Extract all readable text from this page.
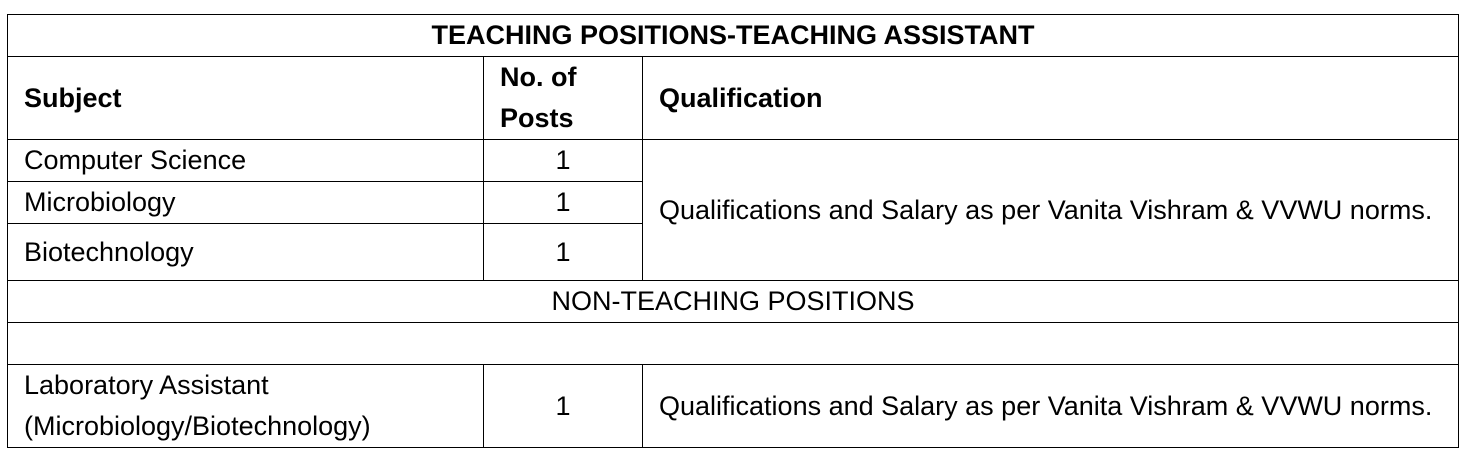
TEACHING POSITIONS-TEACHING ASSISTANT		
Subject	No. of Posts	Qualification
Computer Science	1	Qualifications and Salary as per Vanita Vishram & VVWU norms.
Microbiology	1	
Biotechnology	1	
NON-TEACHING POSITIONS		

Laboratory Assistant (Microbiology/Biotechnology)	1	Qualifications and Salary as per Vanita Vishram & VVWU norms.
